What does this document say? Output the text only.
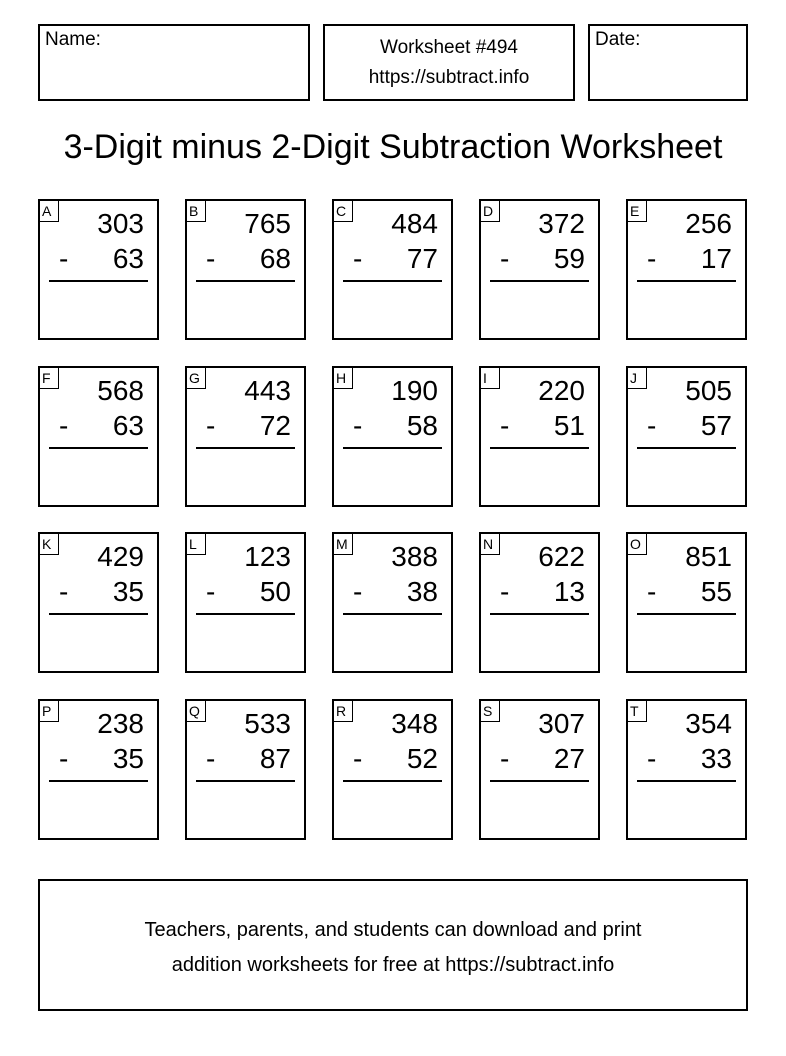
Name:	Worksheet #494
https://subtract.info
Date:
3-Digit minus 2-Digit Subtraction Worksheet
A 303
- 63
B 765
- 68
C 484
- 77
D 372
- 59
E 256
- 17
F	568
- 63
G 443
- 72
H 190
- 58
I	220
- 51
J	505
- 57
K 429
- 35
L	123
- 50
M 388
- 38
N 622
- 13
O 851
- 55
P 238
- 35
Q 533
- 87
R 348
- 52
S 307
- 27
T	354
- 33
Teachers, parents, and students can download and print
addition worksheets for free at https://subtract.info
